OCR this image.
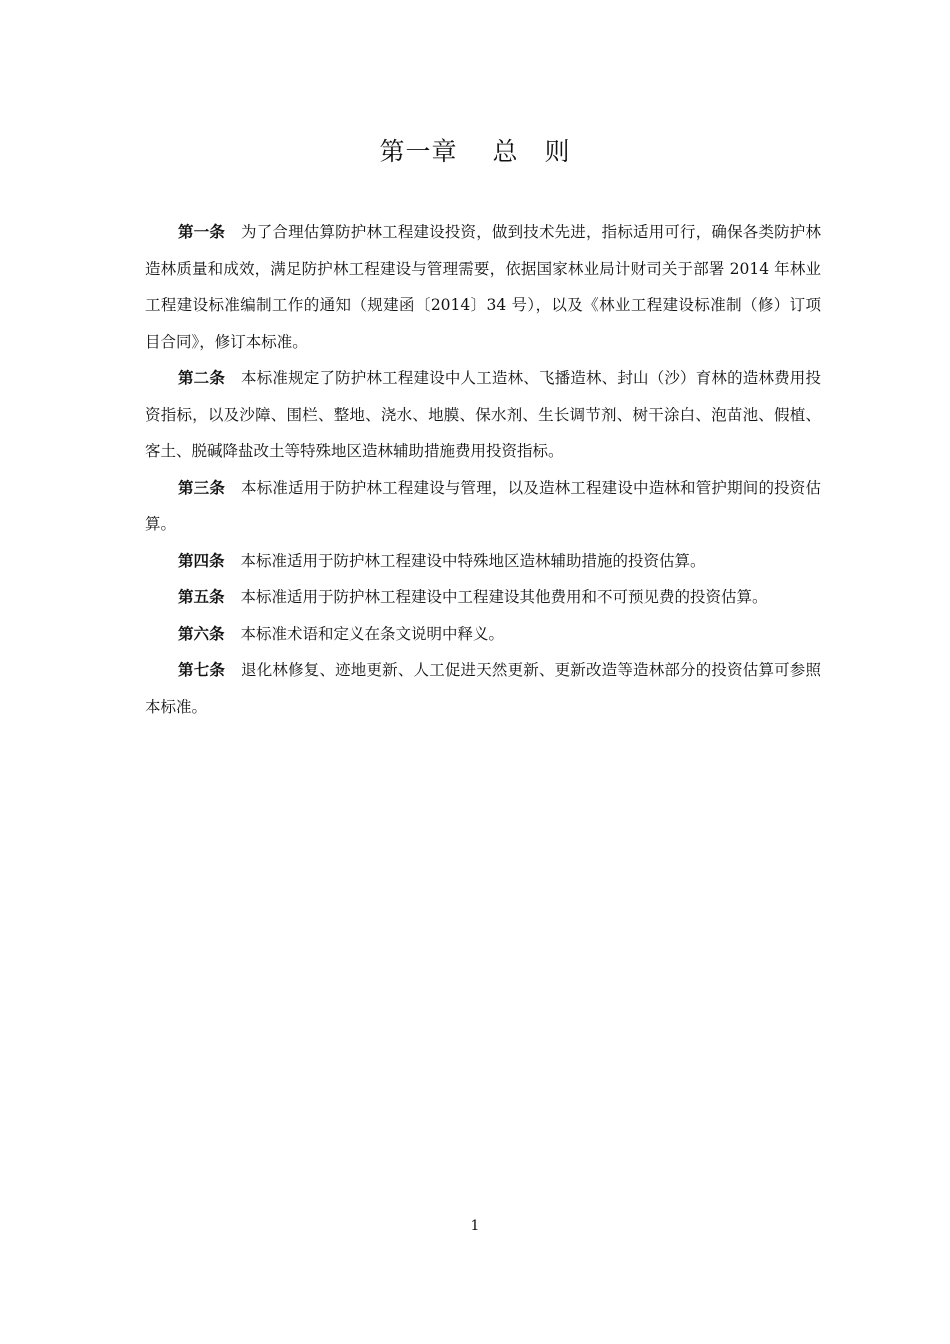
第一章　 总　则

第一条 为了合理估算防护林工程建设投资，做到技术先进，指标适用可行，确保各类防护林造林质量和成效，满足防护林工程建设与管理需要，依据国家林业局计财司关于部署 2014 年林业工程建设标准编制工作的通知（规建函〔2014〕34 号），以及《林业工程建设标准制（修）订项目合同》，修订本标准。

第二条 本标准规定了防护林工程建设中人工造林、飞播造林、封山（沙）育林的造林费用投资指标，以及沙障、围栏、整地、浇水、地膜、保水剂、生长调节剂、树干涂白、泡苗池、假植、客土、脱碱降盐改土等特殊地区造林辅助措施费用投资指标。

第三条 本标准适用于防护林工程建设与管理，以及造林工程建设中造林和管护期间的投资估算。

第四条 本标准适用于防护林工程建设中特殊地区造林辅助措施的投资估算。

第五条 本标准适用于防护林工程建设中工程建设其他费用和不可预见费的投资估算。

第六条 本标准术语和定义在条文说明中释义。

第七条 退化林修复、迹地更新、人工促进天然更新、更新改造等造林部分的投资估算可参照本标准。

1
